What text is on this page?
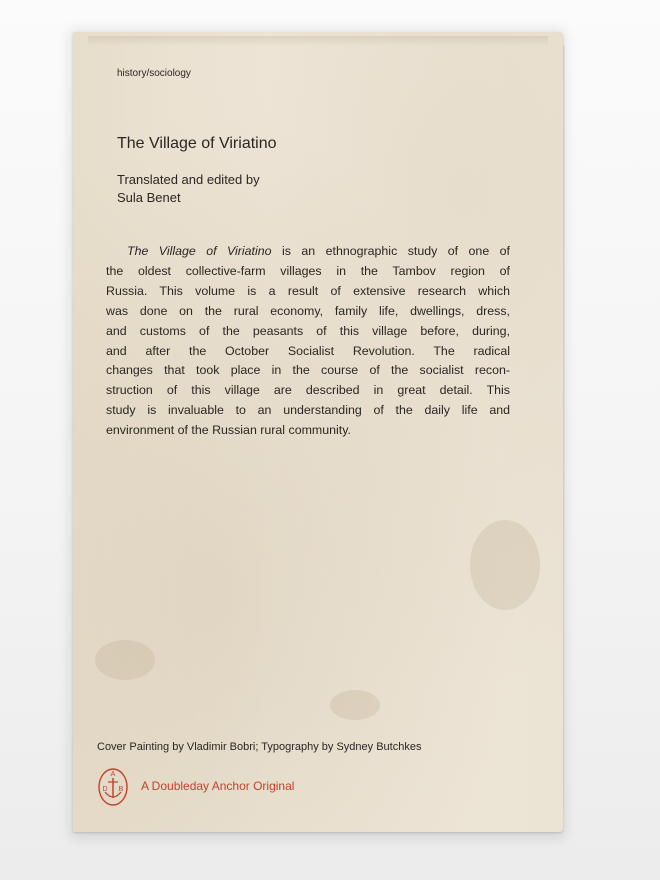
history/sociology
The Village of Viriatino
Translated and edited by
Sula Benet
The Village of Viriatino is an ethnographic study of one of
the oldest collective-farm villages in the Tambov region of
Russia. This volume is a result of extensive research which
was done on the rural economy, family life, dwellings, dress,
and customs of the peasants of this village before, during,
and after the October Socialist Revolution. The radical
changes that took place in the course of the socialist recon-
struction of this village are described in great detail. This
study is invaluable to an understanding of the daily life and
environment of the Russian rural community.
Cover Painting by Vladimir Bobri; Typography by Sydney Butchkes
A
D B A Doubleday Anchor Original
